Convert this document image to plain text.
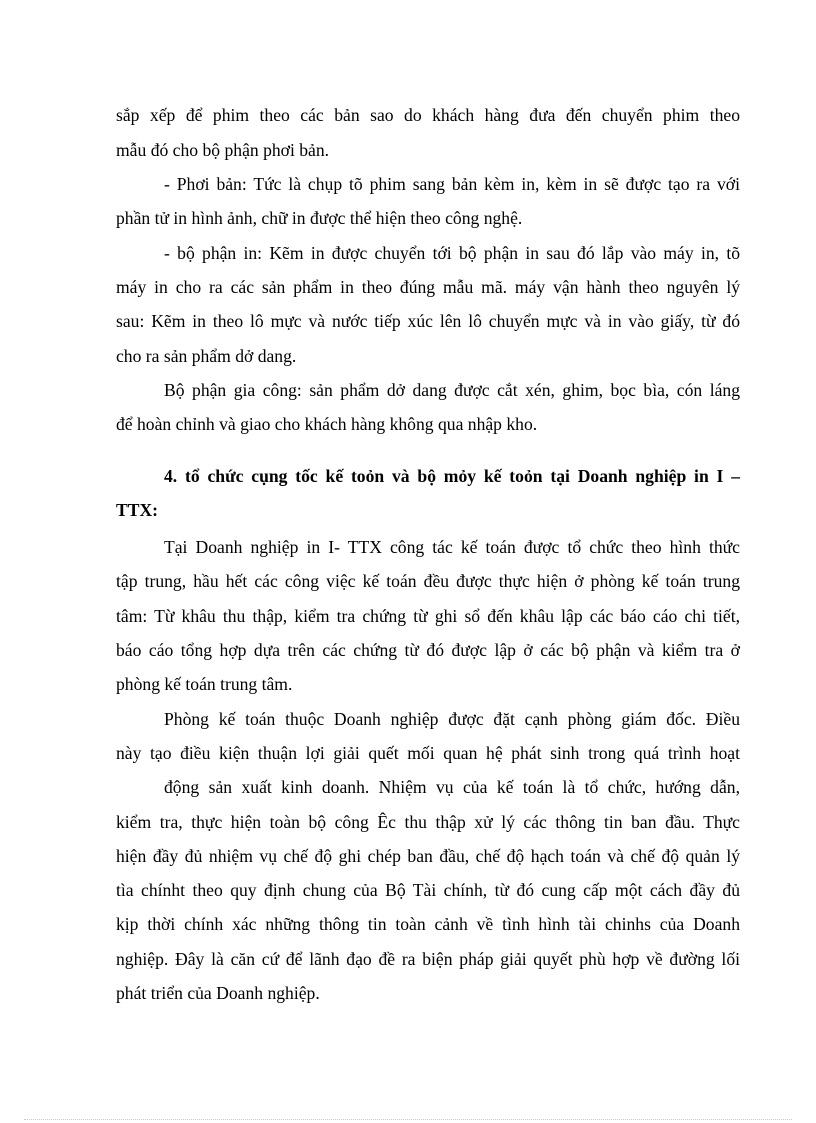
sắp xếp để phim theo các bản sao do khách hàng đưa đến chuyển phim theo
mẫu đó cho bộ phận phơi bản.
- Phơi bản: Tức là chụp tõ phim sang bản kèm in, kèm in sẽ được tạo ra với
phần tử in hình ảnh, chữ in được thể hiện theo công nghệ.
- bộ phận in: Kẽm in được chuyển tới bộ phận in sau đó lắp vào máy in, tõ
máy in cho ra các sản phẩm in theo đúng mẫu mã. máy vận hành theo nguyên lý
sau: Kẽm in theo lô mực và nước tiếp xúc lên lô chuyển mực và in vào giấy, từ đó
cho ra sản phẩm dở dang.
Bộ phận gia công: sản phẩm dở dang được cắt xén, ghim, bọc bìa, cón láng
để hoàn chỉnh và giao cho khách hàng không qua nhập kho.
4. tổ chức cụng tốc kế toỏn và bộ mỏy kế toỏn tại Doanh nghiệp in I –
TTX:
Tại Doanh nghiệp in I- TTX công tác kế toán được tổ chức theo hình thức
tập trung, hầu hết các công việc kế toán đều được thực hiện ở phòng kế toán trung
tâm: Từ khâu thu thập, kiểm tra chứng từ ghi sổ đến khâu lập các báo cáo chi tiết,
báo cáo tổng hợp dựa trên các chứng từ đó được lập ở các bộ phận và kiểm tra ở
phòng kế toán trung tâm.
Phòng kế toán thuộc Doanh nghiệp được đặt cạnh phòng giám đốc. Điều
này tạo điều kiện thuận lợi giải quết mối quan hệ phát sinh trong quá trình hoạt
động sản xuất kinh doanh. Nhiệm vụ của kế toán là tổ chức, hướng dẫn,
kiểm tra, thực hiện toàn bộ công Êc thu thập xử lý các thông tin ban đầu. Thực
hiện đầy đủ nhiệm vụ chế độ ghi chép ban đầu, chế độ hạch toán và chế độ quản lý
tìa chínht theo quy định chung của Bộ Tài chính, từ đó cung cấp một cách đầy đủ
kịp thời chính xác những thông tin toàn cảnh về tình hình tài chinhs của Doanh
nghiệp. Đây là căn cứ để lãnh đạo đề ra biện pháp giải quyết phù hợp về đường lối
phát triển của Doanh nghiệp.
